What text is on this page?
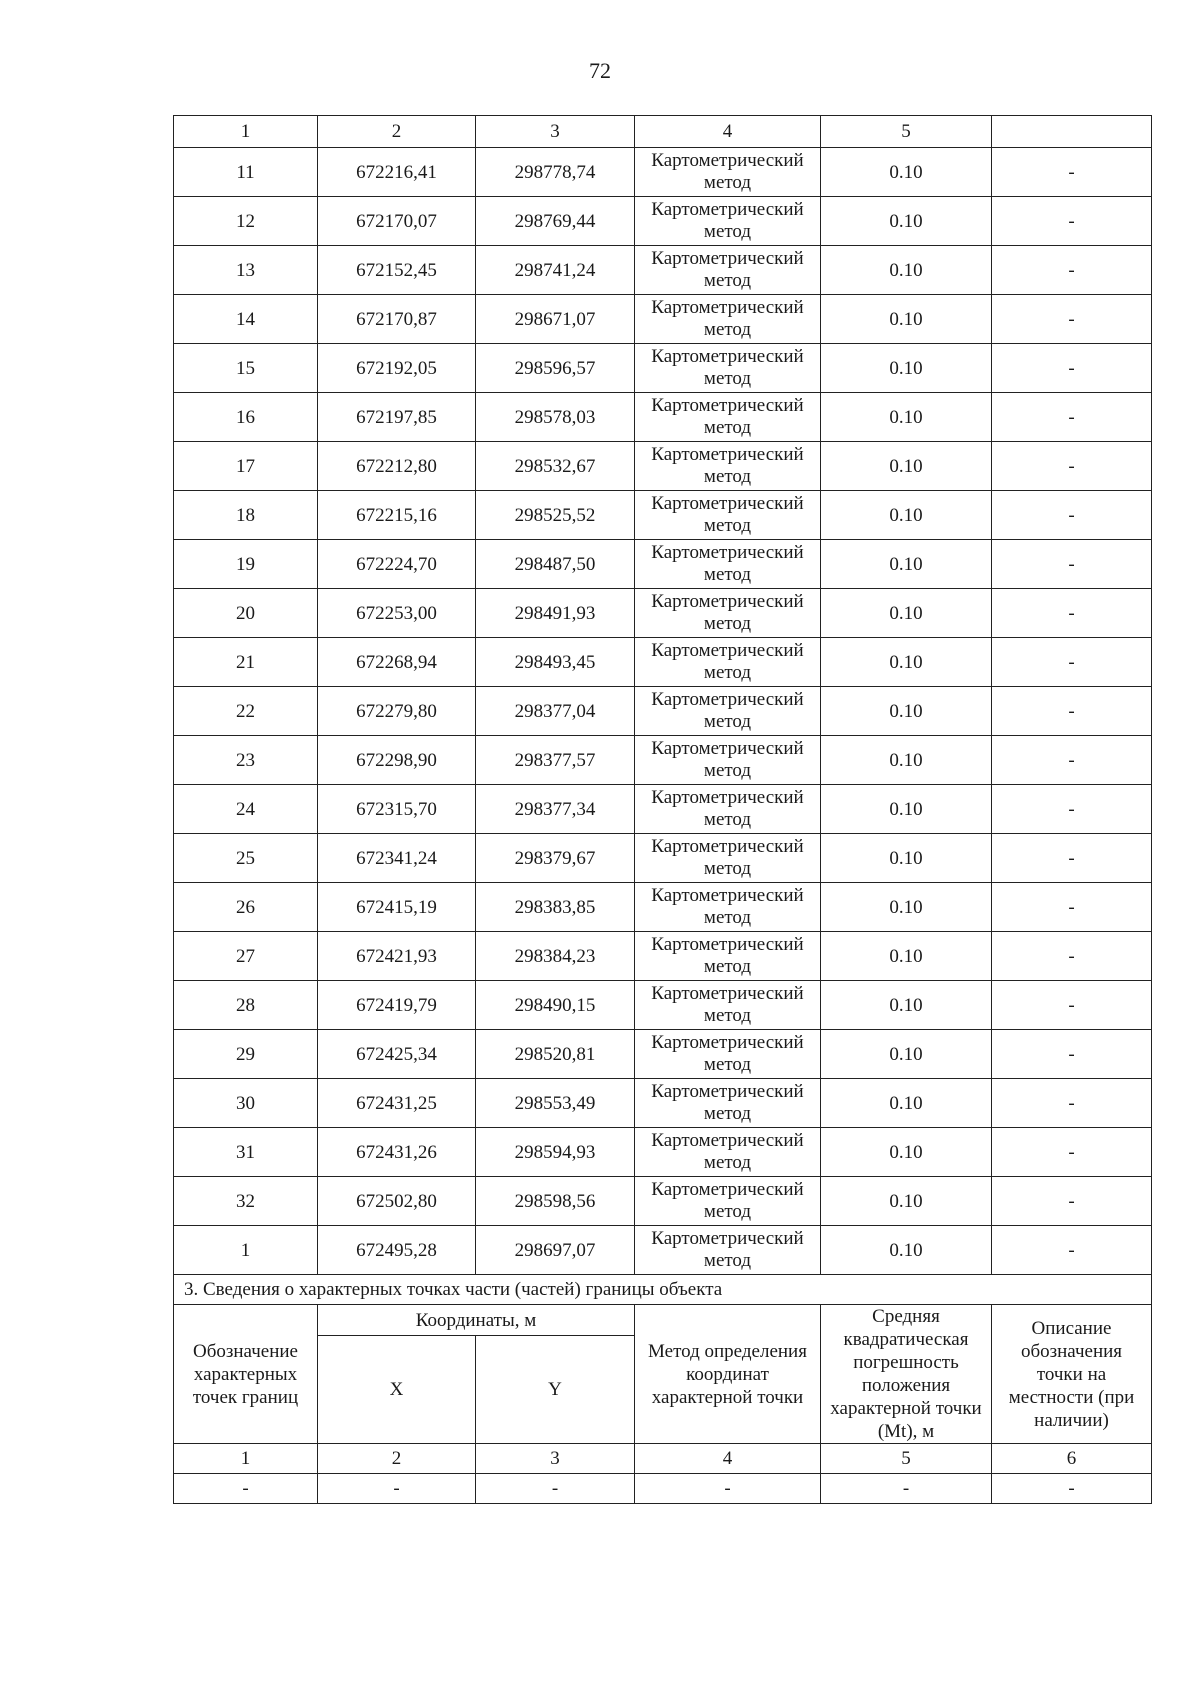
72
1	2	3	4	5	
11	672216,41	298778,74	Картометрический метод	0.10	-
12	672170,07	298769,44	Картометрический метод	0.10	-
13	672152,45	298741,24	Картометрический метод	0.10	-
14	672170,87	298671,07	Картометрический метод	0.10	-
15	672192,05	298596,57	Картометрический метод	0.10	-
16	672197,85	298578,03	Картометрический метод	0.10	-
17	672212,80	298532,67	Картометрический метод	0.10	-
18	672215,16	298525,52	Картометрический метод	0.10	-
19	672224,70	298487,50	Картометрический метод	0.10	-
20	672253,00	298491,93	Картометрический метод	0.10	-
21	672268,94	298493,45	Картометрический метод	0.10	-
22	672279,80	298377,04	Картометрический метод	0.10	-
23	672298,90	298377,57	Картометрический метод	0.10	-
24	672315,70	298377,34	Картометрический метод	0.10	-
25	672341,24	298379,67	Картометрический метод	0.10	-
26	672415,19	298383,85	Картометрический метод	0.10	-
27	672421,93	298384,23	Картометрический метод	0.10	-
28	672419,79	298490,15	Картометрический метод	0.10	-
29	672425,34	298520,81	Картометрический метод	0.10	-
30	672431,25	298553,49	Картометрический метод	0.10	-
31	672431,26	298594,93	Картометрический метод	0.10	-
32	672502,80	298598,56	Картометрический метод	0.10	-
1	672495,28	298697,07	Картометрический метод	0.10	-
3. Сведения о характерных точках части (частей) границы объекта					
Обозначение характерных точек границ	Координаты, м		Метод определения координат характерной точки	Средняя квадратическая погрешность положения характерной точки (Mt), м	Описание обозначения точки на местности (при наличии)
	X	Y			
1	2	3	4	5	6
-	-	-	-	-	-
